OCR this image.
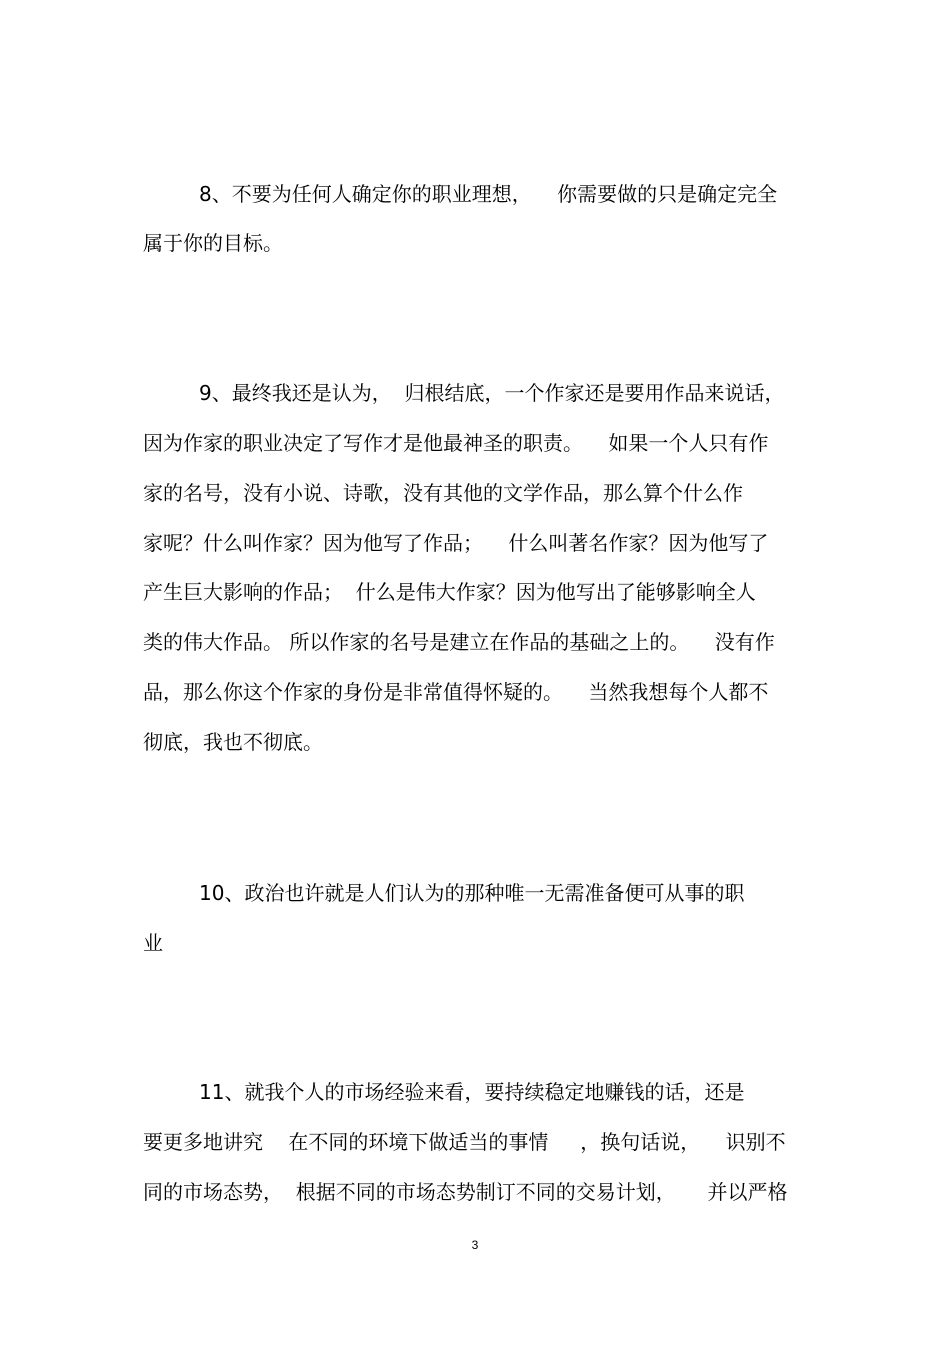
8、不要为任何人确定你的职业理想，    你需要做的只是确定完全
属于你的目标。
9、最终我还是认为，  归根结底，一个作家还是要用作品来说话，
因为作家的职业决定了写作才是他最神圣的职责。    如果一个人只有作
家的名号，没有小说、诗歌，没有其他的文学作品，那么算个什么作
家呢？什么叫作家？因为他写了作品；    什么叫著名作家？因为他写了
产生巨大影响的作品；  什么是伟大作家？因为他写出了能够影响全人
类的伟大作品。 所以作家的名号是建立在作品的基础之上的。    没有作
品，那么你这个作家的身份是非常值得怀疑的。    当然我想每个人都不
彻底，我也不彻底。
10、政治也许就是人们认为的那种唯一无需准备便可从事的职
业
11、就我个人的市场经验来看，要持续稳定地赚钱的话，还是
要更多地讲究    在不同的环境下做适当的事情     ，换句话说，    识别不
同的市场态势，  根据不同的市场态势制订不同的交易计划，     并以严格
3
